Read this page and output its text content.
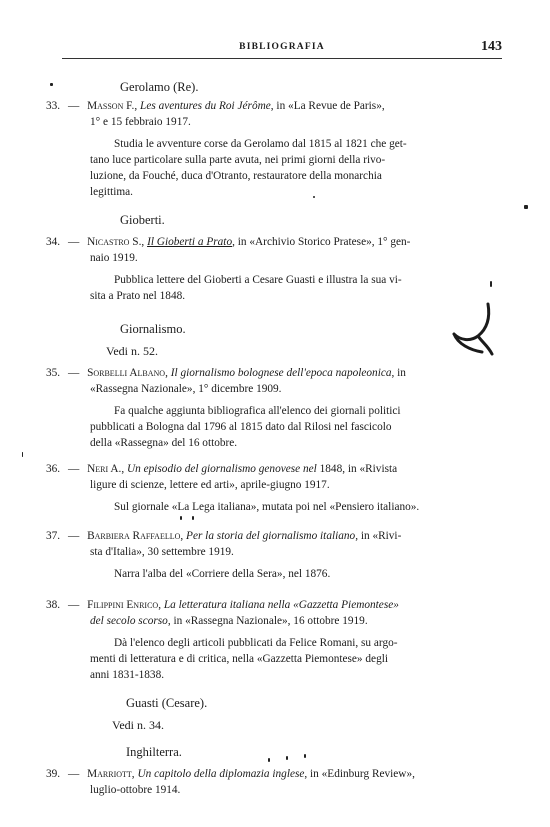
BIBLIOGRAFIA	143
Gerolamo (Re).
33. — Masson F., Les aventures du Roi Jérôme, in «La Revue de Paris»,
1° e 15 febbraio 1917.
Studia le avventure corse da Gerolamo dal 1815 al 1821 che get-
tano luce particolare sulla parte avuta, nei primi giorni della rivo-
luzione, da Fouché, duca d'Otranto, restauratore della monarchia
legittima.
Gioberti.
34. — Nicastro S., Il Gioberti a Prato, in «Archivio Storico Pratese», 1° gen-
naio 1919.
Pubblica lettere del Gioberti a Cesare Guasti e illustra la sua vi-
sita a Prato nel 1848.
Giornalismo.
Vedi n. 52.
35. — Sorbelli Albano, Il giornalismo bolognese dell'epoca napoleonica, in
«Rassegna Nazionale», 1° dicembre 1909.
Fa qualche aggiunta bibliografica all'elenco dei giornali politici
pubblicati a Bologna dal 1796 al 1815 dato dal Rilosi nel fascicolo
della «Rassegna» del 16 ottobre.
36. — Neri A., Un episodio del giornalismo genovese nel 1848, in «Rivista
ligure di scienze, lettere ed arti», aprile-giugno 1917.
Sul giornale «La Lega italiana», mutata poi nel «Pensiero italiano».
37. — Barbiera Raffaello, Per la storia del giornalismo italiano, in «Rivi-
sta d'Italia», 30 settembre 1919.
Narra l'alba del «Corriere della Sera», nel 1876.
38. — Filippini Enrico, La letteratura italiana nella «Gazzetta Piemontese»
del secolo scorso, in «Rassegna Nazionale», 16 ottobre 1919.
Dà l'elenco degli articoli pubblicati da Felice Romani, su argo-
menti di letteratura e di critica, nella «Gazzetta Piemontese» degli
anni 1831-1838.
Guasti (Cesare).
Vedi n. 34.
Inghilterra.
39. — Marriott, Un capitolo della diplomazia inglese, in «Edinburg Review»,
luglio-ottobre 1914.
